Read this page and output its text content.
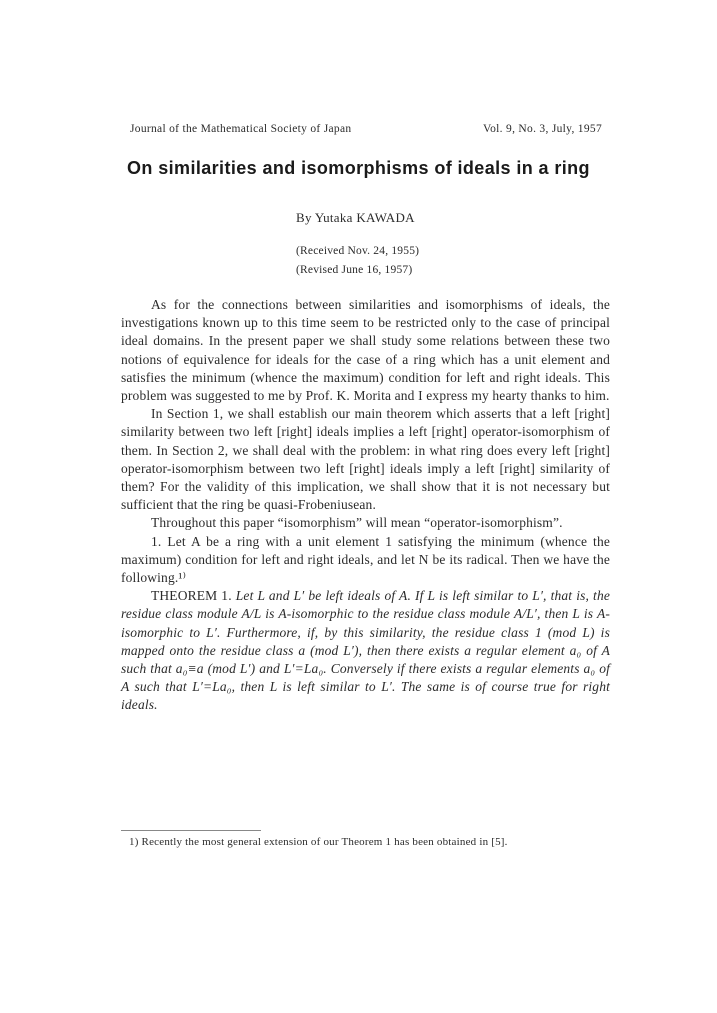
Journal of the Mathematical Society of Japan	Vol. 9, No. 3, July, 1957
On similarities and isomorphisms of ideals in a ring
By Yutaka KAWADA
(Received Nov. 24, 1955)
(Revised June 16, 1957)

As for the connections between similarities and isomorphisms of ideals, the investigations known up to this time seem to be restricted only to the case of principal ideal domains. In the present paper we shall study some relations between these two notions of equivalence for ideals for the case of a ring which has a unit element and satisfies the minimum (whence the maximum) condition for left and right ideals. This problem was suggested to me by Prof. K. Morita and I express my hearty thanks to him.

In Section 1, we shall establish our main theorem which asserts that a left [right] similarity between two left [right] ideals implies a left [right] operator-isomorphism of them. In Section 2, we shall deal with the problem: in what ring does every left [right] operator-isomorphism between two left [right] ideals imply a left [right] similarity of them? For the validity of this implication, we shall show that it is not necessary but sufficient that the ring be quasi-Frobeniusean.

Throughout this paper “isomorphism” will mean “operator-isomorphism”.

1. Let A be a ring with a unit element 1 satisfying the minimum (whence the maximum) condition for left and right ideals, and let N be its radical. Then we have the following.¹⁾

THEOREM 1. Let L and L′ be left ideals of A. If L is left similar to L′, that is, the residue class module A/L is A-isomorphic to the residue class module A/L′, then L is A-isomorphic to L′. Furthermore, if, by this similarity, the residue class 1 (mod L) is mapped onto the residue class a (mod L′), then there exists a regular element a₀ of A such that a₀≡a (mod L′) and L′=La₀. Conversely if there exists a regular elements a₀ of A such that L′=La₀, then L is left similar to L′. The same is of course true for right ideals.

1) Recently the most general extension of our Theorem 1 has been obtained in [5].
